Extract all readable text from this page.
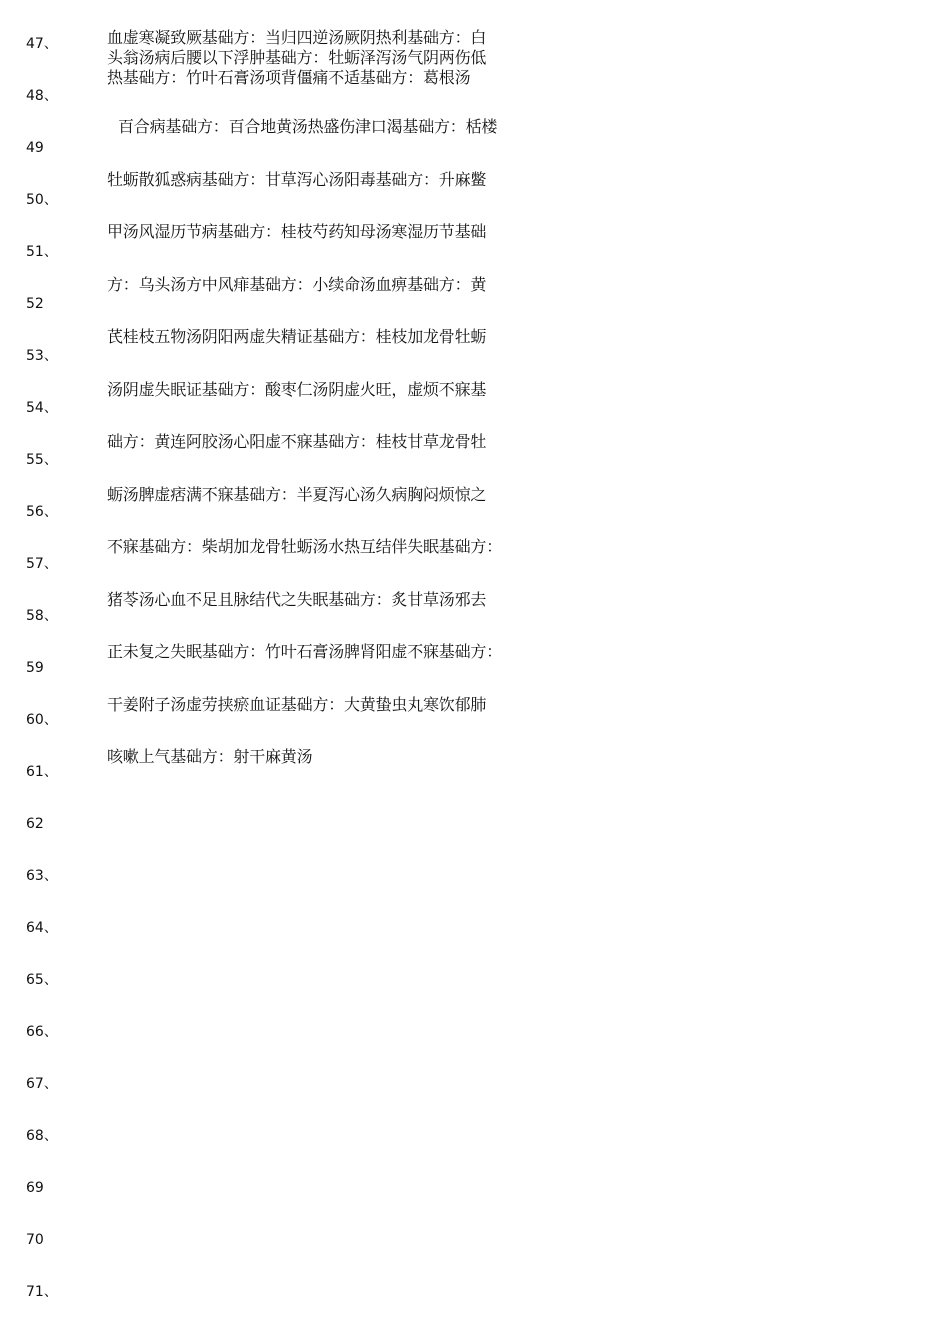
47、
48、
49
50、
51、
52
53、
54、
55、
56、
57、
58、
59
60、
61、
62
63、
64、
65、
66、
67、
68、
69
70
71、
血虚寒凝致厥基础方：当归四逆汤厥阴热利基础方：白
头翁汤病后腰以下浮肿基础方：牡蛎泽泻汤气阴两伤低
热基础方：竹叶石膏汤项背僵痛不适基础方：葛根汤
百合病基础方：百合地黄汤热盛伤津口渴基础方：栝楼
牡蛎散狐惑病基础方：甘草泻心汤阳毒基础方：升麻鳖
甲汤风湿历节病基础方：桂枝芍药知母汤寒湿历节基础
方：乌头汤方中风痱基础方：小续命汤血痹基础方：黄
芪桂枝五物汤阴阳两虚失精证基础方：桂枝加龙骨牡蛎
汤阴虚失眠证基础方：酸枣仁汤阴虚火旺，虚烦不寐基
础方：黄连阿胶汤心阳虚不寐基础方：桂枝甘草龙骨牡
蛎汤脾虚痞满不寐基础方：半夏泻心汤久病胸闷烦惊之
不寐基础方：柴胡加龙骨牡蛎汤水热互结伴失眠基础方：
猪苓汤心血不足且脉结代之失眠基础方：炙甘草汤邪去
正未复之失眠基础方：竹叶石膏汤脾肾阳虚不寐基础方：
干姜附子汤虚劳挟瘀血证基础方：大黄蛰虫丸寒饮郁肺
咳嗽上气基础方：射干麻黄汤
